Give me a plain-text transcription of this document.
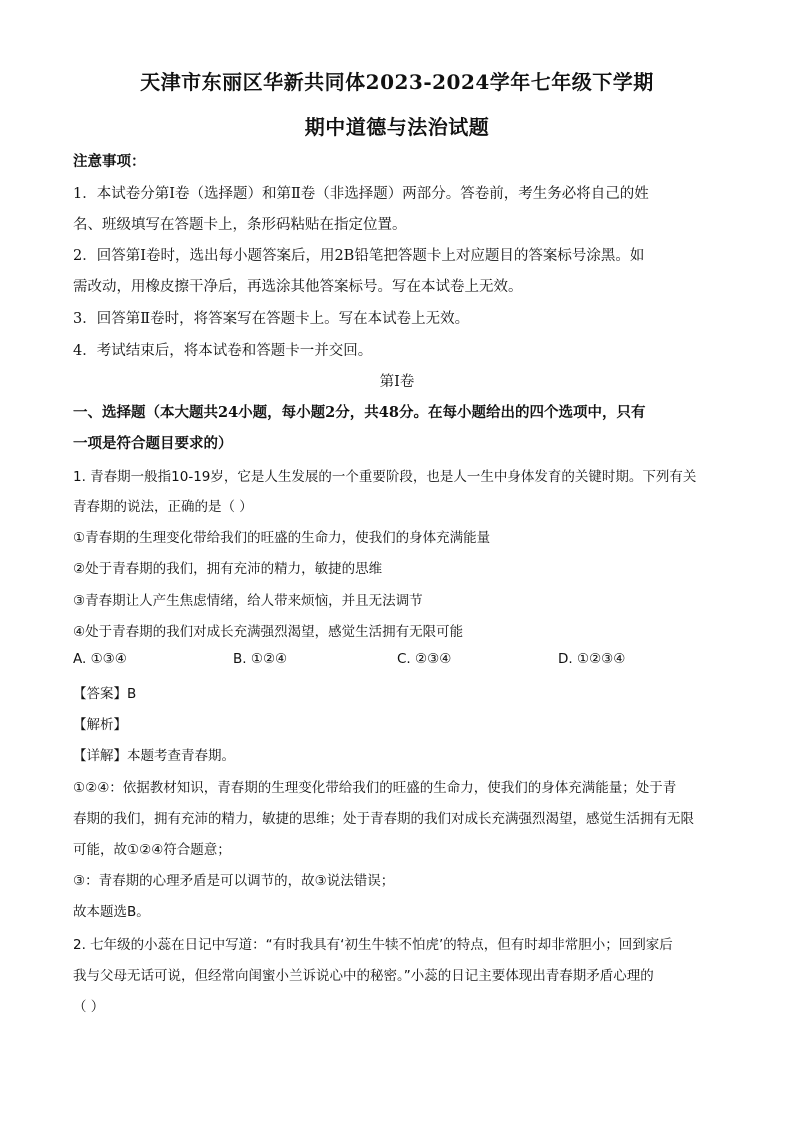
天津市东丽区华新共同体2023-2024学年七年级下学期
期中道德与法治试题
注意事项：
1．本试卷分第Ⅰ卷（选择题）和第Ⅱ卷（非选择题）两部分。答卷前，考生务必将自己的姓
名、班级填写在答题卡上，条形码粘贴在指定位置。
2．回答第Ⅰ卷时，选出每小题答案后，用2B铅笔把答题卡上对应题目的答案标号涂黑。如
需改动，用橡皮擦干净后，再选涂其他答案标号。写在本试卷上无效。
3．回答第Ⅱ卷时，将答案写在答题卡上。写在本试卷上无效。
4．考试结束后，将本试卷和答题卡一并交回。
第Ⅰ卷
一、选择题（本大题共24小题，每小题2分，共48分。在每小题给出的四个选项中，只有
一项是符合题目要求的）
1. 青春期一般指10-19岁，它是人生发展的一个重要阶段，也是人一生中身体发育的关键时期。下列有关
青春期的说法，正确的是（ ）
①青春期的生理变化带给我们的旺盛的生命力，使我们的身体充满能量
②处于青春期的我们，拥有充沛的精力，敏捷的思维
③青春期让人产生焦虑情绪，给人带来烦恼，并且无法调节
④处于青春期的我们对成长充满强烈渴望，感觉生活拥有无限可能
A. ①③④	B. ①②④	C. ②③④	D. ①②③④
【答案】B
【解析】
【详解】本题考查青春期。
①②④：依据教材知识，青春期的生理变化带给我们的旺盛的生命力，使我们的身体充满能量；处于青
春期的我们，拥有充沛的精力，敏捷的思维；处于青春期的我们对成长充满强烈渴望，感觉生活拥有无限
可能，故①②④符合题意；
③：青春期的心理矛盾是可以调节的，故③说法错误；
故本题选B。
2. 七年级的小蕊在日记中写道：“有时我具有‘初生牛犊不怕虎’的特点，但有时却非常胆小；回到家后
我与父母无话可说，但经常向闺蜜小兰诉说心中的秘密。”小蕊的日记主要体现出青春期矛盾心理的
（ ）
